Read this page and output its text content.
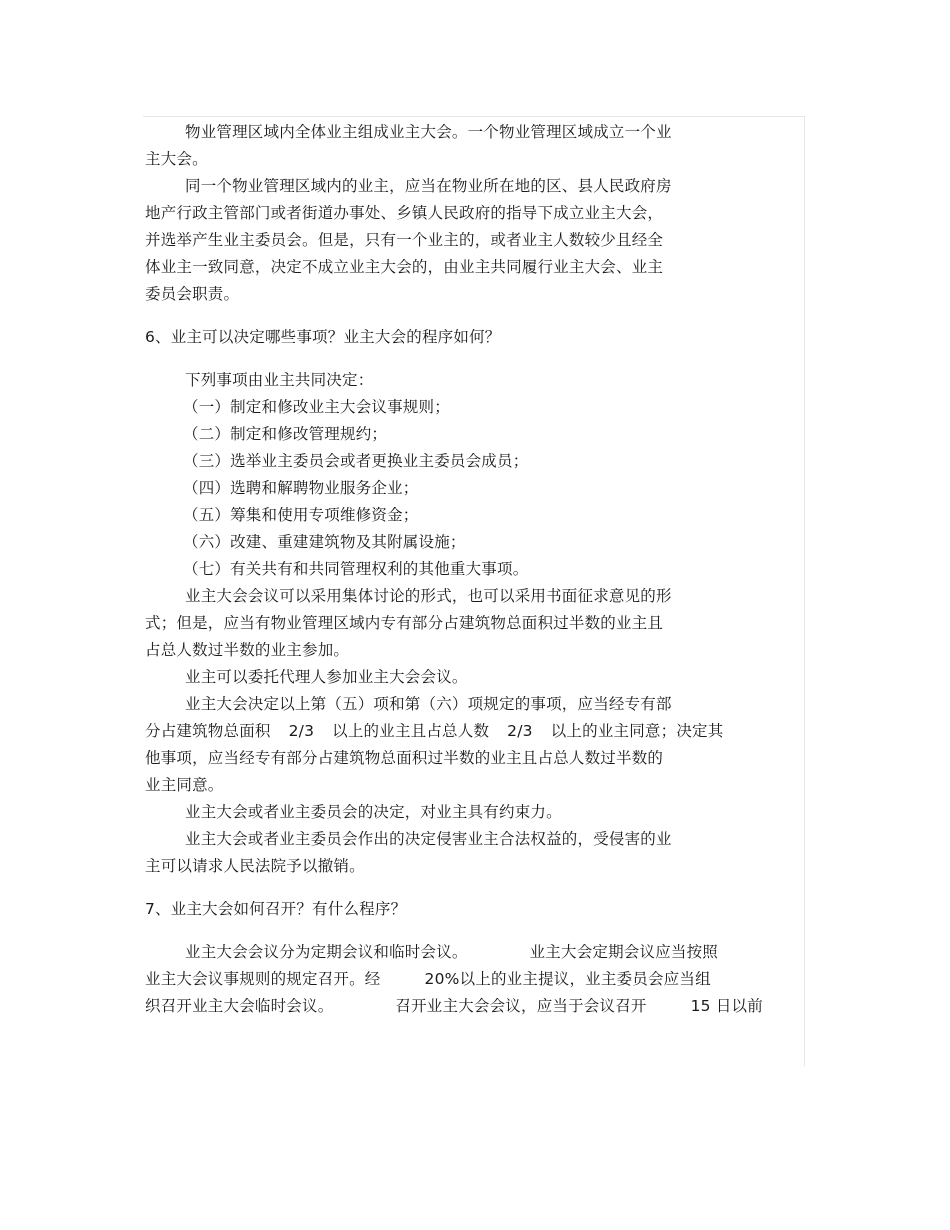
物业管理区域内全体业主组成业主大会。一个物业管理区域成立一个业
主大会。
同一个物业管理区域内的业主，应当在物业所在地的区、县人民政府房
地产行政主管部门或者街道办事处、乡镇人民政府的指导下成立业主大会，
并选举产生业主委员会。但是，只有一个业主的，或者业主人数较少且经全
体业主一致同意，决定不成立业主大会的，由业主共同履行业主大会、业主
委员会职责。
6、业主可以决定哪些事项？业主大会的程序如何？
下列事项由业主共同决定：
（一）制定和修改业主大会议事规则；
（二）制定和修改管理规约；
（三）选举业主委员会或者更换业主委员会成员；
（四）选聘和解聘物业服务企业；
（五）筹集和使用专项维修资金；
（六）改建、重建建筑物及其附属设施；
（七）有关共有和共同管理权利的其他重大事项。
业主大会会议可以采用集体讨论的形式，也可以采用书面征求意见的形
式；但是，应当有物业管理区域内专有部分占建筑物总面积过半数的业主且
占总人数过半数的业主参加。
业主可以委托代理人参加业主大会会议。
业主大会决定以上第（五）项和第（六）项规定的事项，应当经专有部
分占建筑物总面积 2/3 以上的业主且占总人数 2/3 以上的业主同意；决定其
他事项，应当经专有部分占建筑物总面积过半数的业主且占总人数过半数的
业主同意。
业主大会或者业主委员会的决定，对业主具有约束力。
业主大会或者业主委员会作出的决定侵害业主合法权益的，受侵害的业
主可以请求人民法院予以撤销。
7、业主大会如何召开？有什么程序？
业主大会会议分为定期会议和临时会议。	业主大会定期会议应当按照
业主大会议事规则的规定召开。经	20%以上的业主提议，业主委员会应当组
织召开业主大会临时会议。	召开业主大会会议，应当于会议召开	15 日以前
